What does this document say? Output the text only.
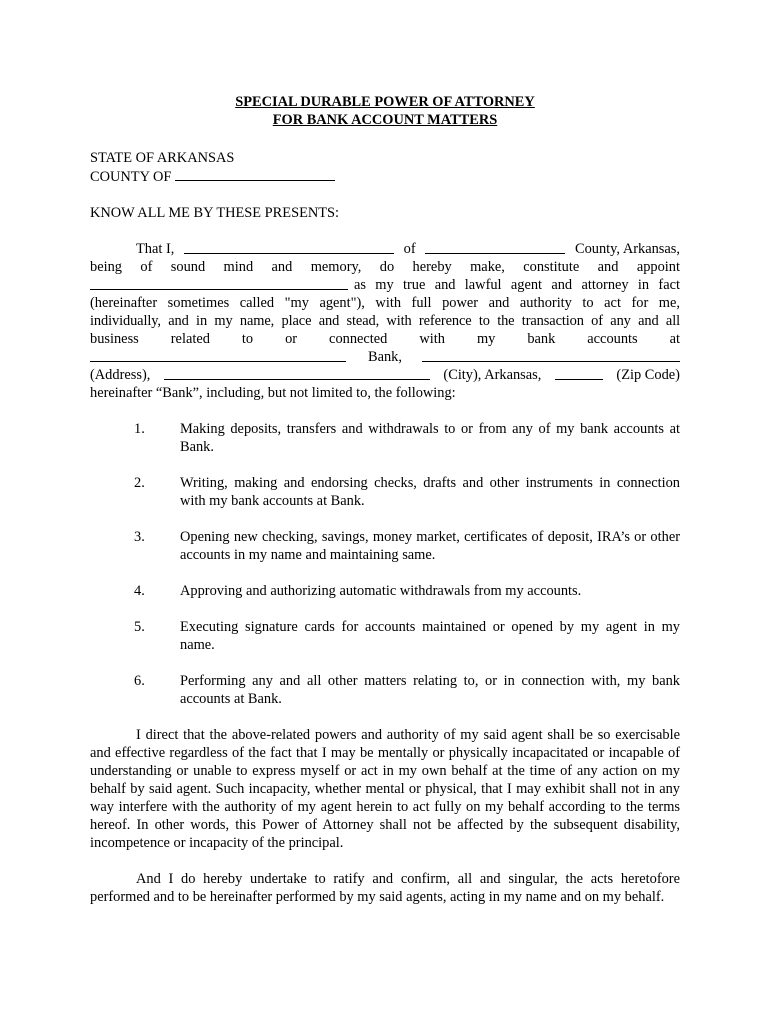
SPECIAL DURABLE POWER OF ATTORNEY
FOR BANK ACCOUNT MATTERS
STATE OF ARKANSAS
COUNTY OF
KNOW ALL ME BY THESE PRESENTS:
That I,	of	County, Arkansas,
being of sound mind and memory, do hereby make, constitute and appoint
as my true and lawful agent and attorney in fact
(hereinafter sometimes called "my agent"), with full power and authority to act for me,
individually, and in my name, place and stead, with reference to the transaction of any and all
business related to or connected with my bank accounts at
Bank,
(Address),	(City), Arkansas,	(Zip Code)
hereinafter “Bank”, including, but not limited to, the following:
1.	Making deposits, transfers and withdrawals to or from any of my bank accounts at Bank.
2.	Writing, making and endorsing checks, drafts and other instruments in connection with my bank accounts at Bank.
3.	Opening new checking, savings, money market, certificates of deposit, IRA’s or other accounts in my name and maintaining same.
4.	Approving and authorizing automatic withdrawals from my accounts.
5.	Executing signature cards for accounts maintained or opened by my agent in my name.
6.	Performing any and all other matters relating to, or in connection with, my bank accounts at Bank.

I direct that the above-related powers and authority of my said agent shall be so exercisable and effective regardless of the fact that I may be mentally or physically incapacitated or incapable of understanding or unable to express myself or act in my own behalf at the time of any action on my behalf by said agent. Such incapacity, whether mental or physical, that I may exhibit shall not in any way interfere with the authority of my agent herein to act fully on my behalf according to the terms hereof. In other words, this Power of Attorney shall not be affected by the subsequent disability, incompetence or incapacity of the principal.

And I do hereby undertake to ratify and confirm, all and singular, the acts heretofore performed and to be hereinafter performed by my said agents, acting in my name and on my behalf.
